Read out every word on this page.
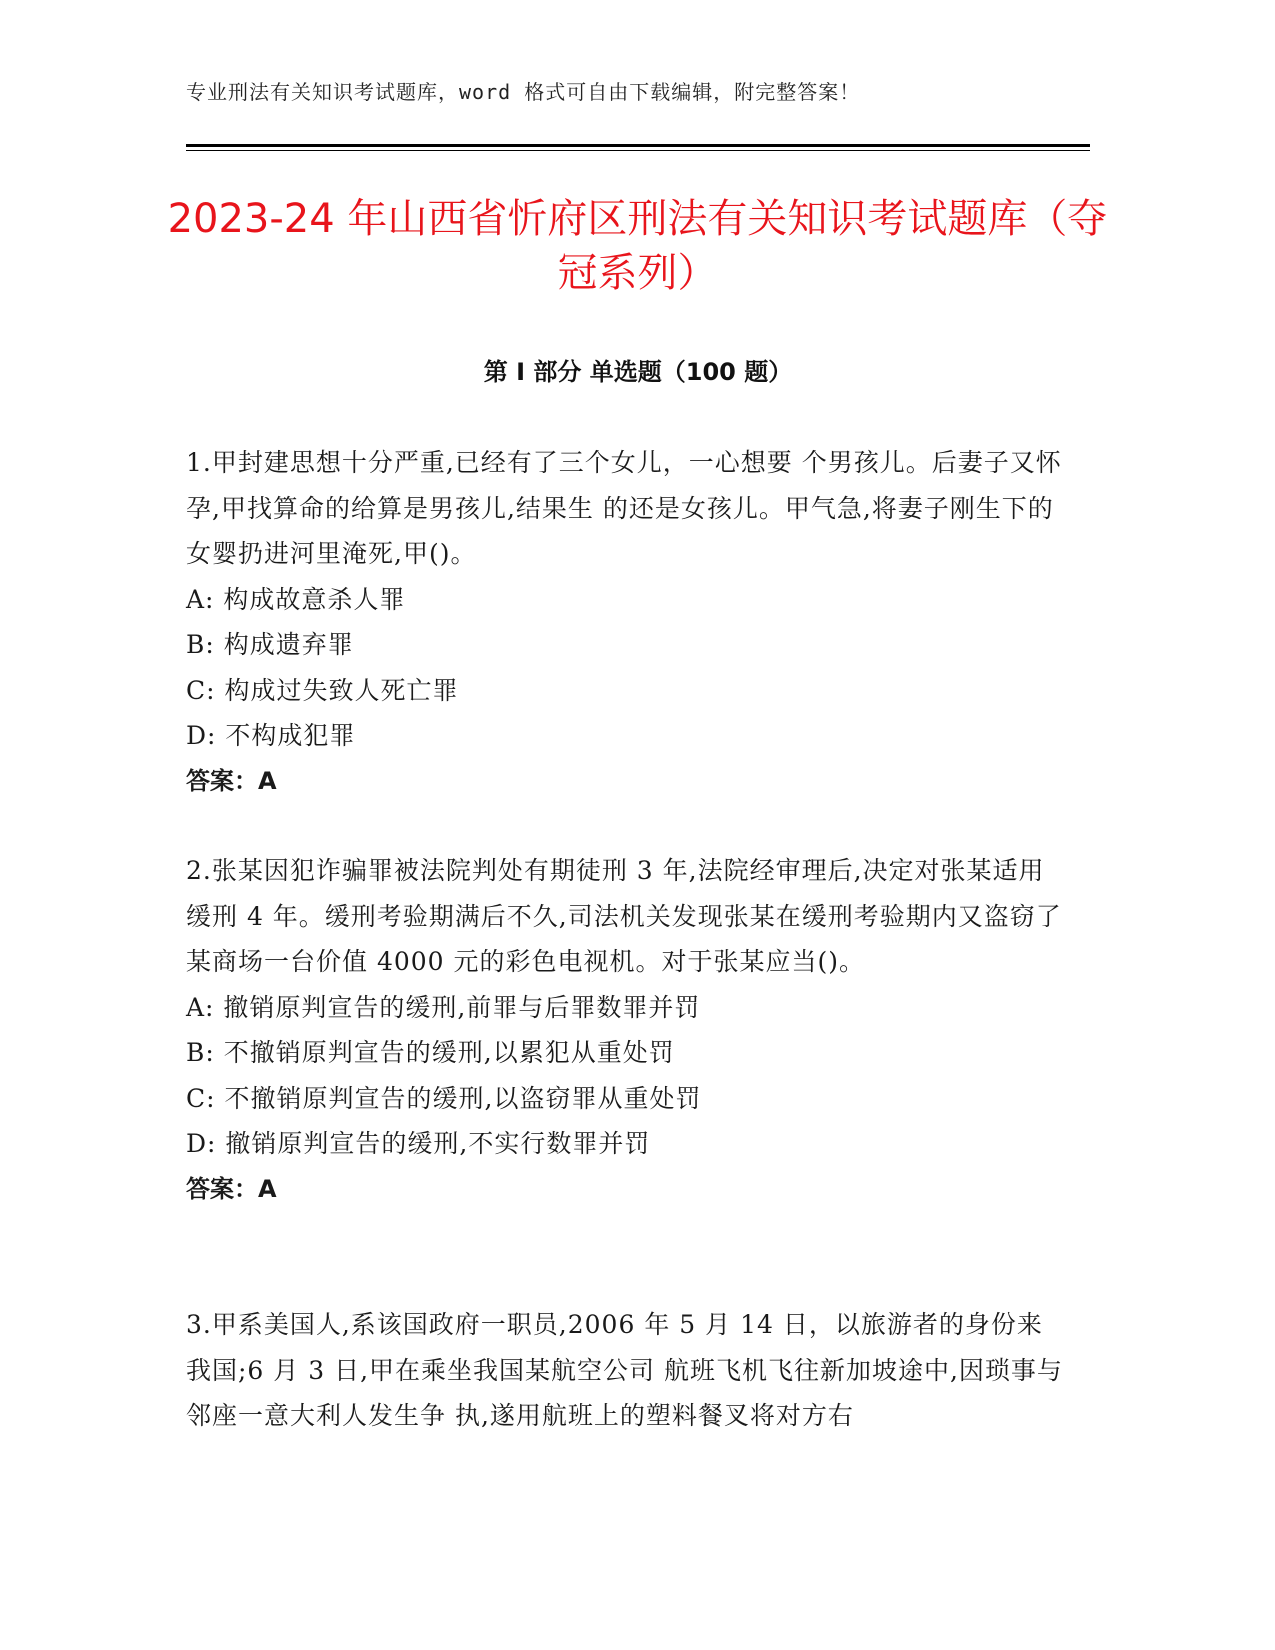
专业刑法有关知识考试题库，word 格式可自由下载编辑，附完整答案！
2023-24 年山西省忻府区刑法有关知识考试题库（夺冠系列）
第 I 部分 单选题（100 题）

1.甲封建思想十分严重,已经有了三个女儿，一心想要 个男孩儿。后妻子又怀孕,甲找算命的给算是男孩儿,结果生 的还是女孩儿。甲气急,将妻子刚生下的女婴扔进河里淹死,甲()。

A: 构成故意杀人罪

B: 构成遗弃罪

C: 构成过失致人死亡罪

D: 不构成犯罪

答案：A

2.张某因犯诈骗罪被法院判处有期徒刑 3 年,法院经审理后,决定对张某适用缓刑 4 年。缓刑考验期满后不久,司法机关发现张某在缓刑考验期内又盗窃了某商场一台价值 4000 元的彩色电视机。对于张某应当()。

A: 撤销原判宣告的缓刑,前罪与后罪数罪并罚

B: 不撤销原判宣告的缓刑,以累犯从重处罚

C: 不撤销原判宣告的缓刑,以盗窃罪从重处罚

D: 撤销原判宣告的缓刑,不实行数罪并罚

答案：A

3.甲系美国人,系该国政府一职员,2006 年 5 月 14 日，以旅游者的身份来我国;6 月 3 日,甲在乘坐我国某航空公司 航班飞机飞往新加坡途中,因琐事与邻座一意大利人发生争 执,遂用航班上的塑料餐叉将对方右
